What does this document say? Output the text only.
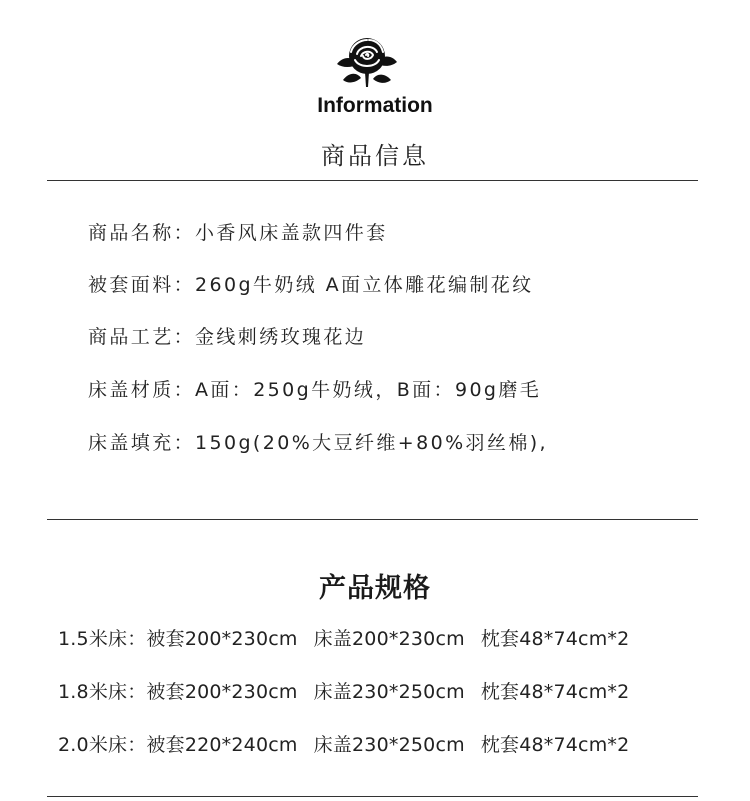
Information
商品信息
商品名称：小香风床盖款四件套
被套面料：260g牛奶绒 A面立体雕花编制花纹
商品工艺：金线刺绣玫瑰花边
床盖材质：A面：250g牛奶绒，B面：90g磨毛
床盖填充：150g(20%大豆纤维+80%羽丝棉),
产品规格
1.5米床：被套200*230cm 床盖200*230cm 枕套48*74cm*2
1.8米床：被套200*230cm 床盖230*250cm 枕套48*74cm*2
2.0米床：被套220*240cm 床盖230*250cm 枕套48*74cm*2
